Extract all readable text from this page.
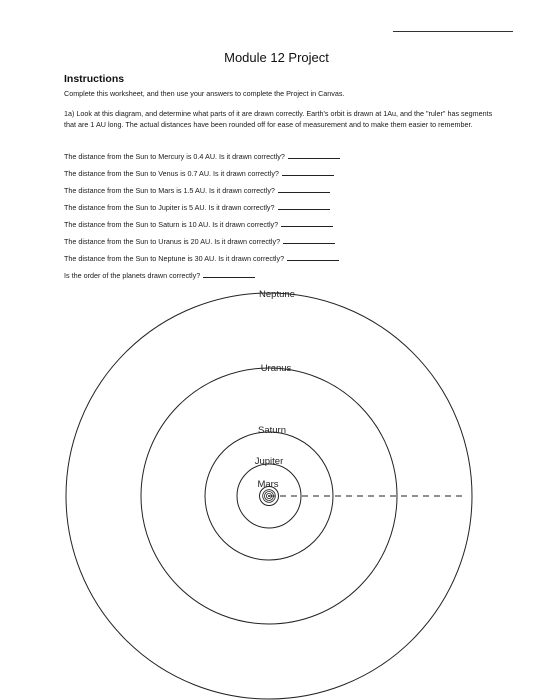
Module 12 Project
Instructions
Complete this worksheet, and then use your answers to complete the Project in Canvas.
1a) Look at this diagram, and determine what parts of it are drawn correctly. Earth's orbit is drawn at 1Au, and the "ruler" has segments that are 1 AU long. The actual distances have been rounded off for ease of measurement and to make them easier to remember.
The distance from the Sun to Mercury is 0.4 AU. Is it drawn correctly?
The distance from the Sun to Venus is 0.7 AU. Is it drawn correctly?
The distance from the Sun to Mars is 1.5 AU. Is it drawn correctly?
The distance from the Sun to Jupiter is 5 AU. Is it drawn correctly?
The distance from the Sun to Saturn is 10 AU. Is it drawn correctly?
The distance from the Sun to Uranus is 20 AU. Is it drawn correctly?
The distance from the Sun to Neptune is 30 AU. Is it drawn correctly?
Is the order of the planets drawn correctly?
Neptune
Uranus
Saturn
Jupiter
Mars
